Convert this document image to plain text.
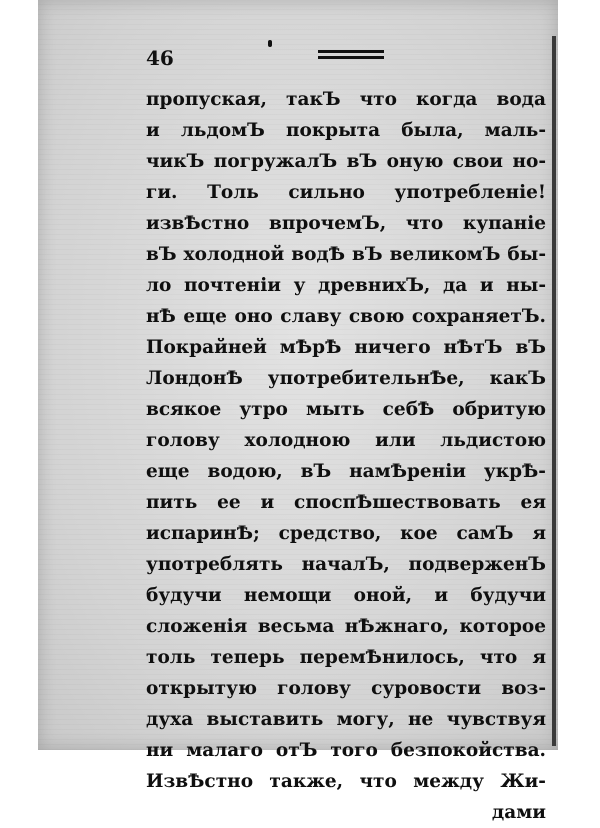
46
пропуская, такЪ что когда вода
и льдомЪ покрыта была, маль-
чикЪ погружалЪ вЪ оную свои но-
ги. Толь сильно употребленіе!
извѢстно впрочемЪ, что купаніе
вЪ холодной водѢ вЪ великомЪ бы-
ло почтеніи у древнихЪ, да и ны-
нѢ еще оно славу свою сохраняетЪ.
Покрайней мѢрѢ ничего нѢтЪ вЪ
ЛондонѢ употребительнѢе, какЪ
всякое утро мыть себѢ обритую
голову холодною или льдистою
еще водою, вЪ намѢреніи укрѢ-
пить ее и споспѢшествовать ея
испаринѢ; средство, кое самЪ я
употреблять началЪ, подверженЪ
будучи немощи оной, и будучи
сложенія весьма нѢжнаго, которое
толь теперь перемѢнилось, что я
открытую голову суровости воз-
духа выставить могу, не чувствуя
ни малаго отЪ того безпокойства.
ИзвѢстно также, что между Жи-
дами
